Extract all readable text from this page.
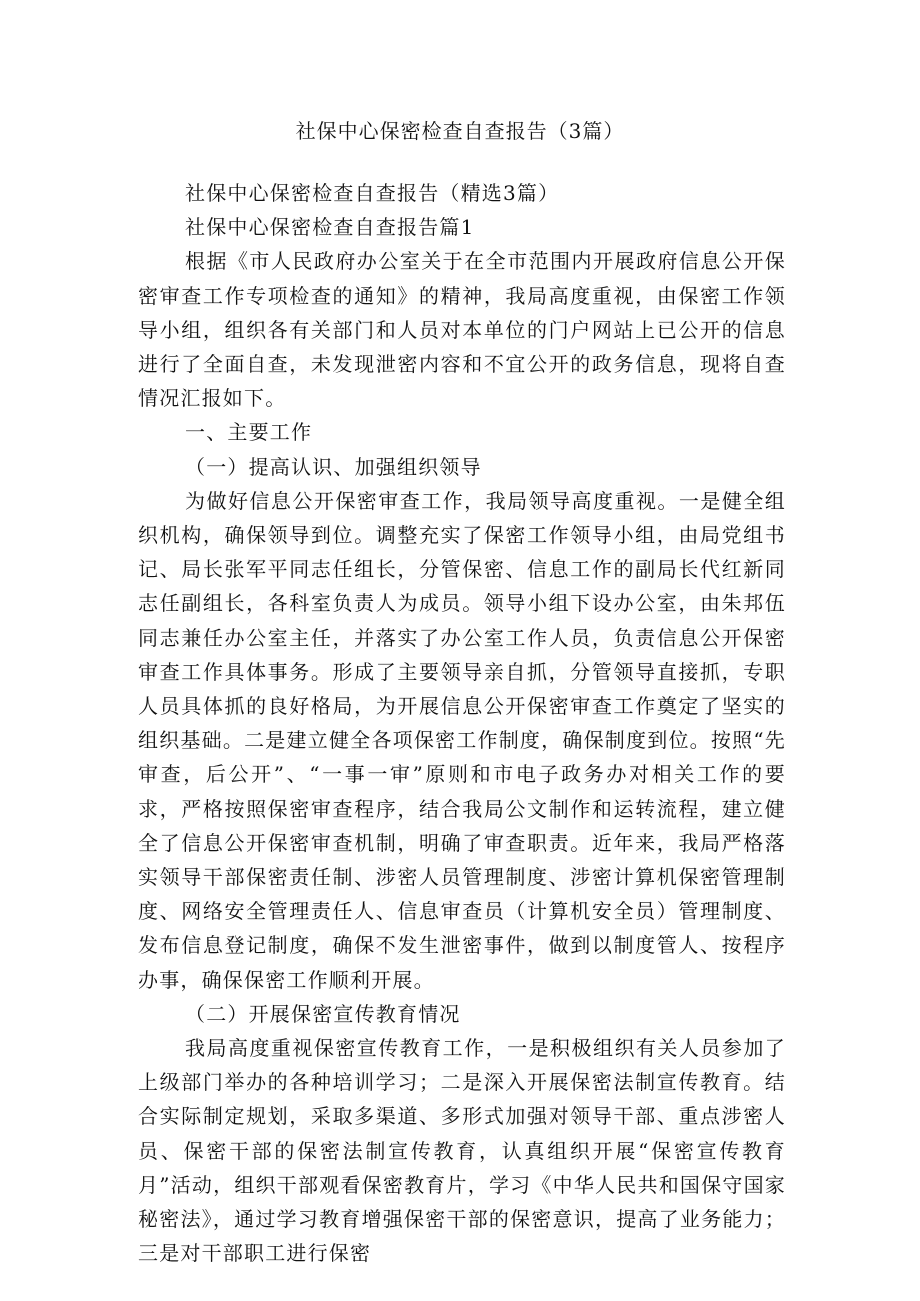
社保中心保密检查自查报告（3篇）

社保中心保密检查自查报告（精选3篇）

社保中心保密检查自查报告篇1

根据《市人民政府办公室关于在全市范围内开展政府信息公开保密审查工作专项检查的通知》的精神，我局高度重视，由保密工作领导小组，组织各有关部门和人员对本单位的门户网站上已公开的信息进行了全面自查，未发现泄密内容和不宜公开的政务信息，现将自查情况汇报如下。

一、主要工作

（一）提高认识、加强组织领导

为做好信息公开保密审查工作，我局领导高度重视。一是健全组织机构，确保领导到位。调整充实了保密工作领导小组，由局党组书记、局长张军平同志任组长，分管保密、信息工作的副局长代红新同志任副组长，各科室负责人为成员。领导小组下设办公室，由朱邦伍同志兼任办公室主任，并落实了办公室工作人员，负责信息公开保密审查工作具体事务。形成了主要领导亲自抓，分管领导直接抓，专职人员具体抓的良好格局，为开展信息公开保密审查工作奠定了坚实的组织基础。二是建立健全各项保密工作制度，确保制度到位。按照“先审查，后公开”、“一事一审”原则和市电子政务办对相关工作的要求，严格按照保密审查程序，结合我局公文制作和运转流程，建立健全了信息公开保密审查机制，明确了审查职责。近年来，我局严格落实领导干部保密责任制、涉密人员管理制度、涉密计算机保密管理制度、网络安全管理责任人、信息审查员（计算机安全员）管理制度、发布信息登记制度，确保不发生泄密事件，做到以制度管人、按程序办事，确保保密工作顺利开展。

（二）开展保密宣传教育情况

我局高度重视保密宣传教育工作，一是积极组织有关人员参加了上级部门举办的各种培训学习；二是深入开展保密法制宣传教育。结合实际制定规划，采取多渠道、多形式加强对领导干部、重点涉密人员、保密干部的保密法制宣传教育，认真组织开展“保密宣传教育月”活动，组织干部观看保密教育片，学习《中华人民共和国保守国家秘密法》，通过学习教育增强保密干部的保密意识，提高了业务能力；三是对干部职工进行保密
